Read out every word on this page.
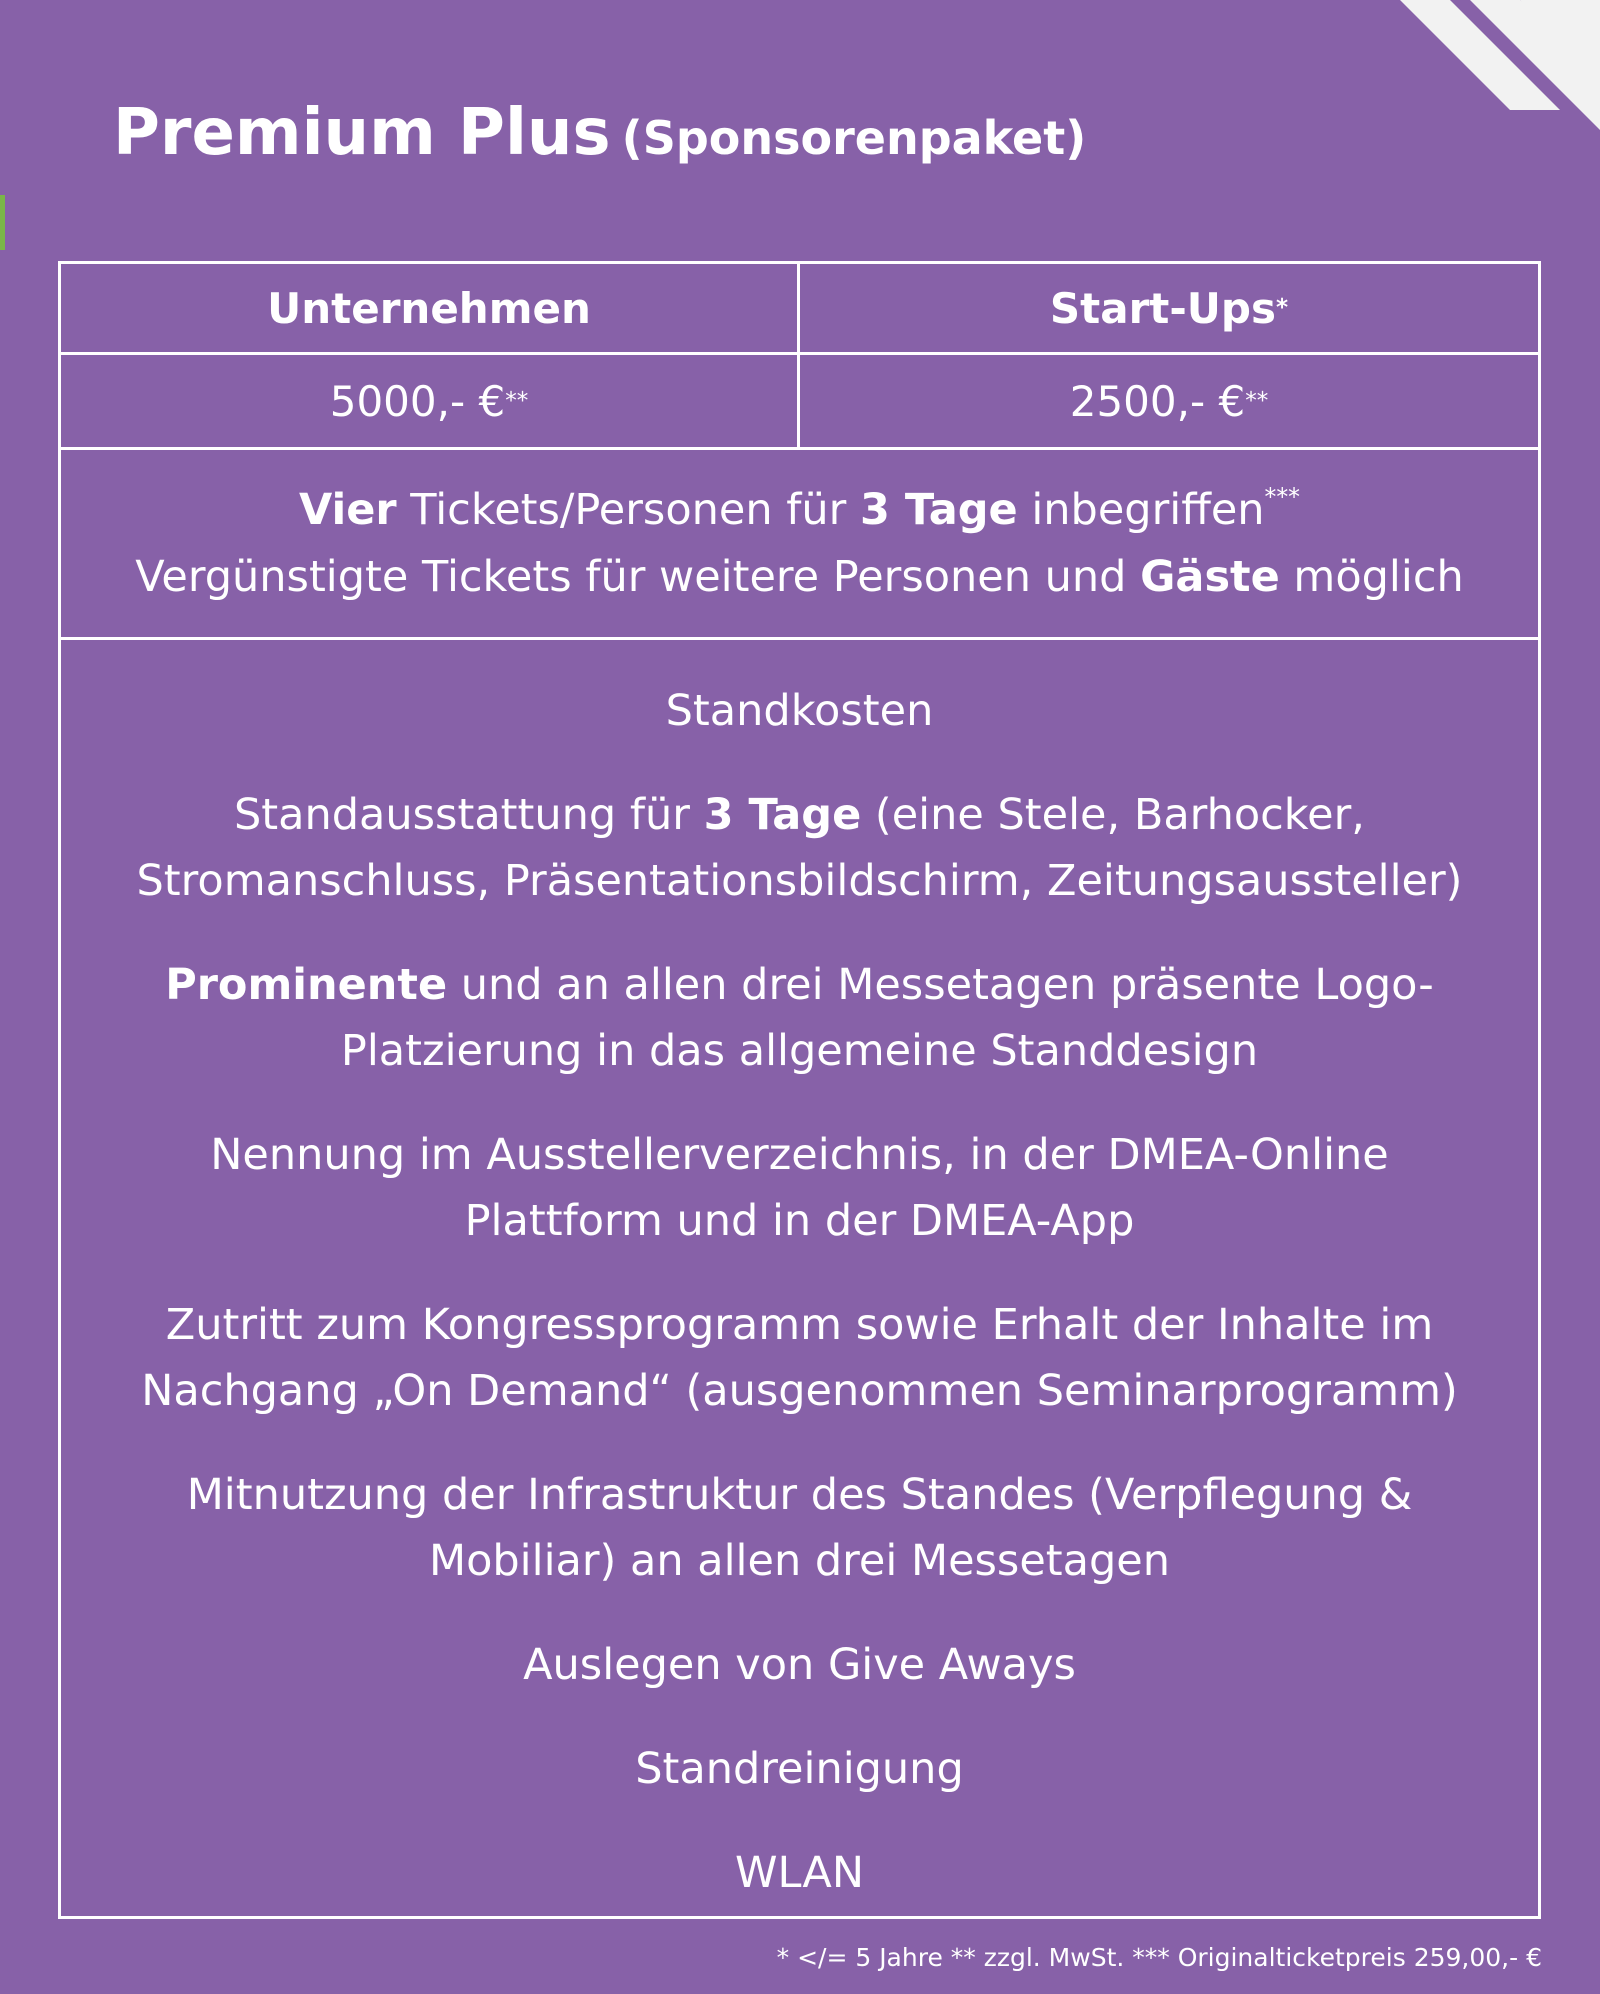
Premium Plus (Sponsorenpaket)
Unternehmen	Start-Ups *
5000,- € **	2500,- € **
Vier Tickets/Personen für 3 Tage inbegriffen***
Vergünstigte Tickets für weitere Personen und Gäste möglich
Standkosten
Standausstattung für 3 Tage (eine Stele, Barhocker,
Stromanschluss, Präsentationsbildschirm, Zeitungsaussteller)
Prominente und an allen drei Messetagen präsente Logo-
Platzierung in das allgemeine Standdesign
Nennung im Ausstellerverzeichnis, in der DMEA-Online
Plattform und in der DMEA-App
Zutritt zum Kongressprogramm sowie Erhalt der Inhalte im
Nachgang „On Demand“ (ausgenommen Seminarprogramm)
Mitnutzung der Infrastruktur des Standes (Verpflegung &
Mobiliar) an allen drei Messetagen
Auslegen von Give Aways
Standreinigung
WLAN
* </= 5 Jahre ** zzgl. MwSt. *** Originalticketpreis 259,00,- €
